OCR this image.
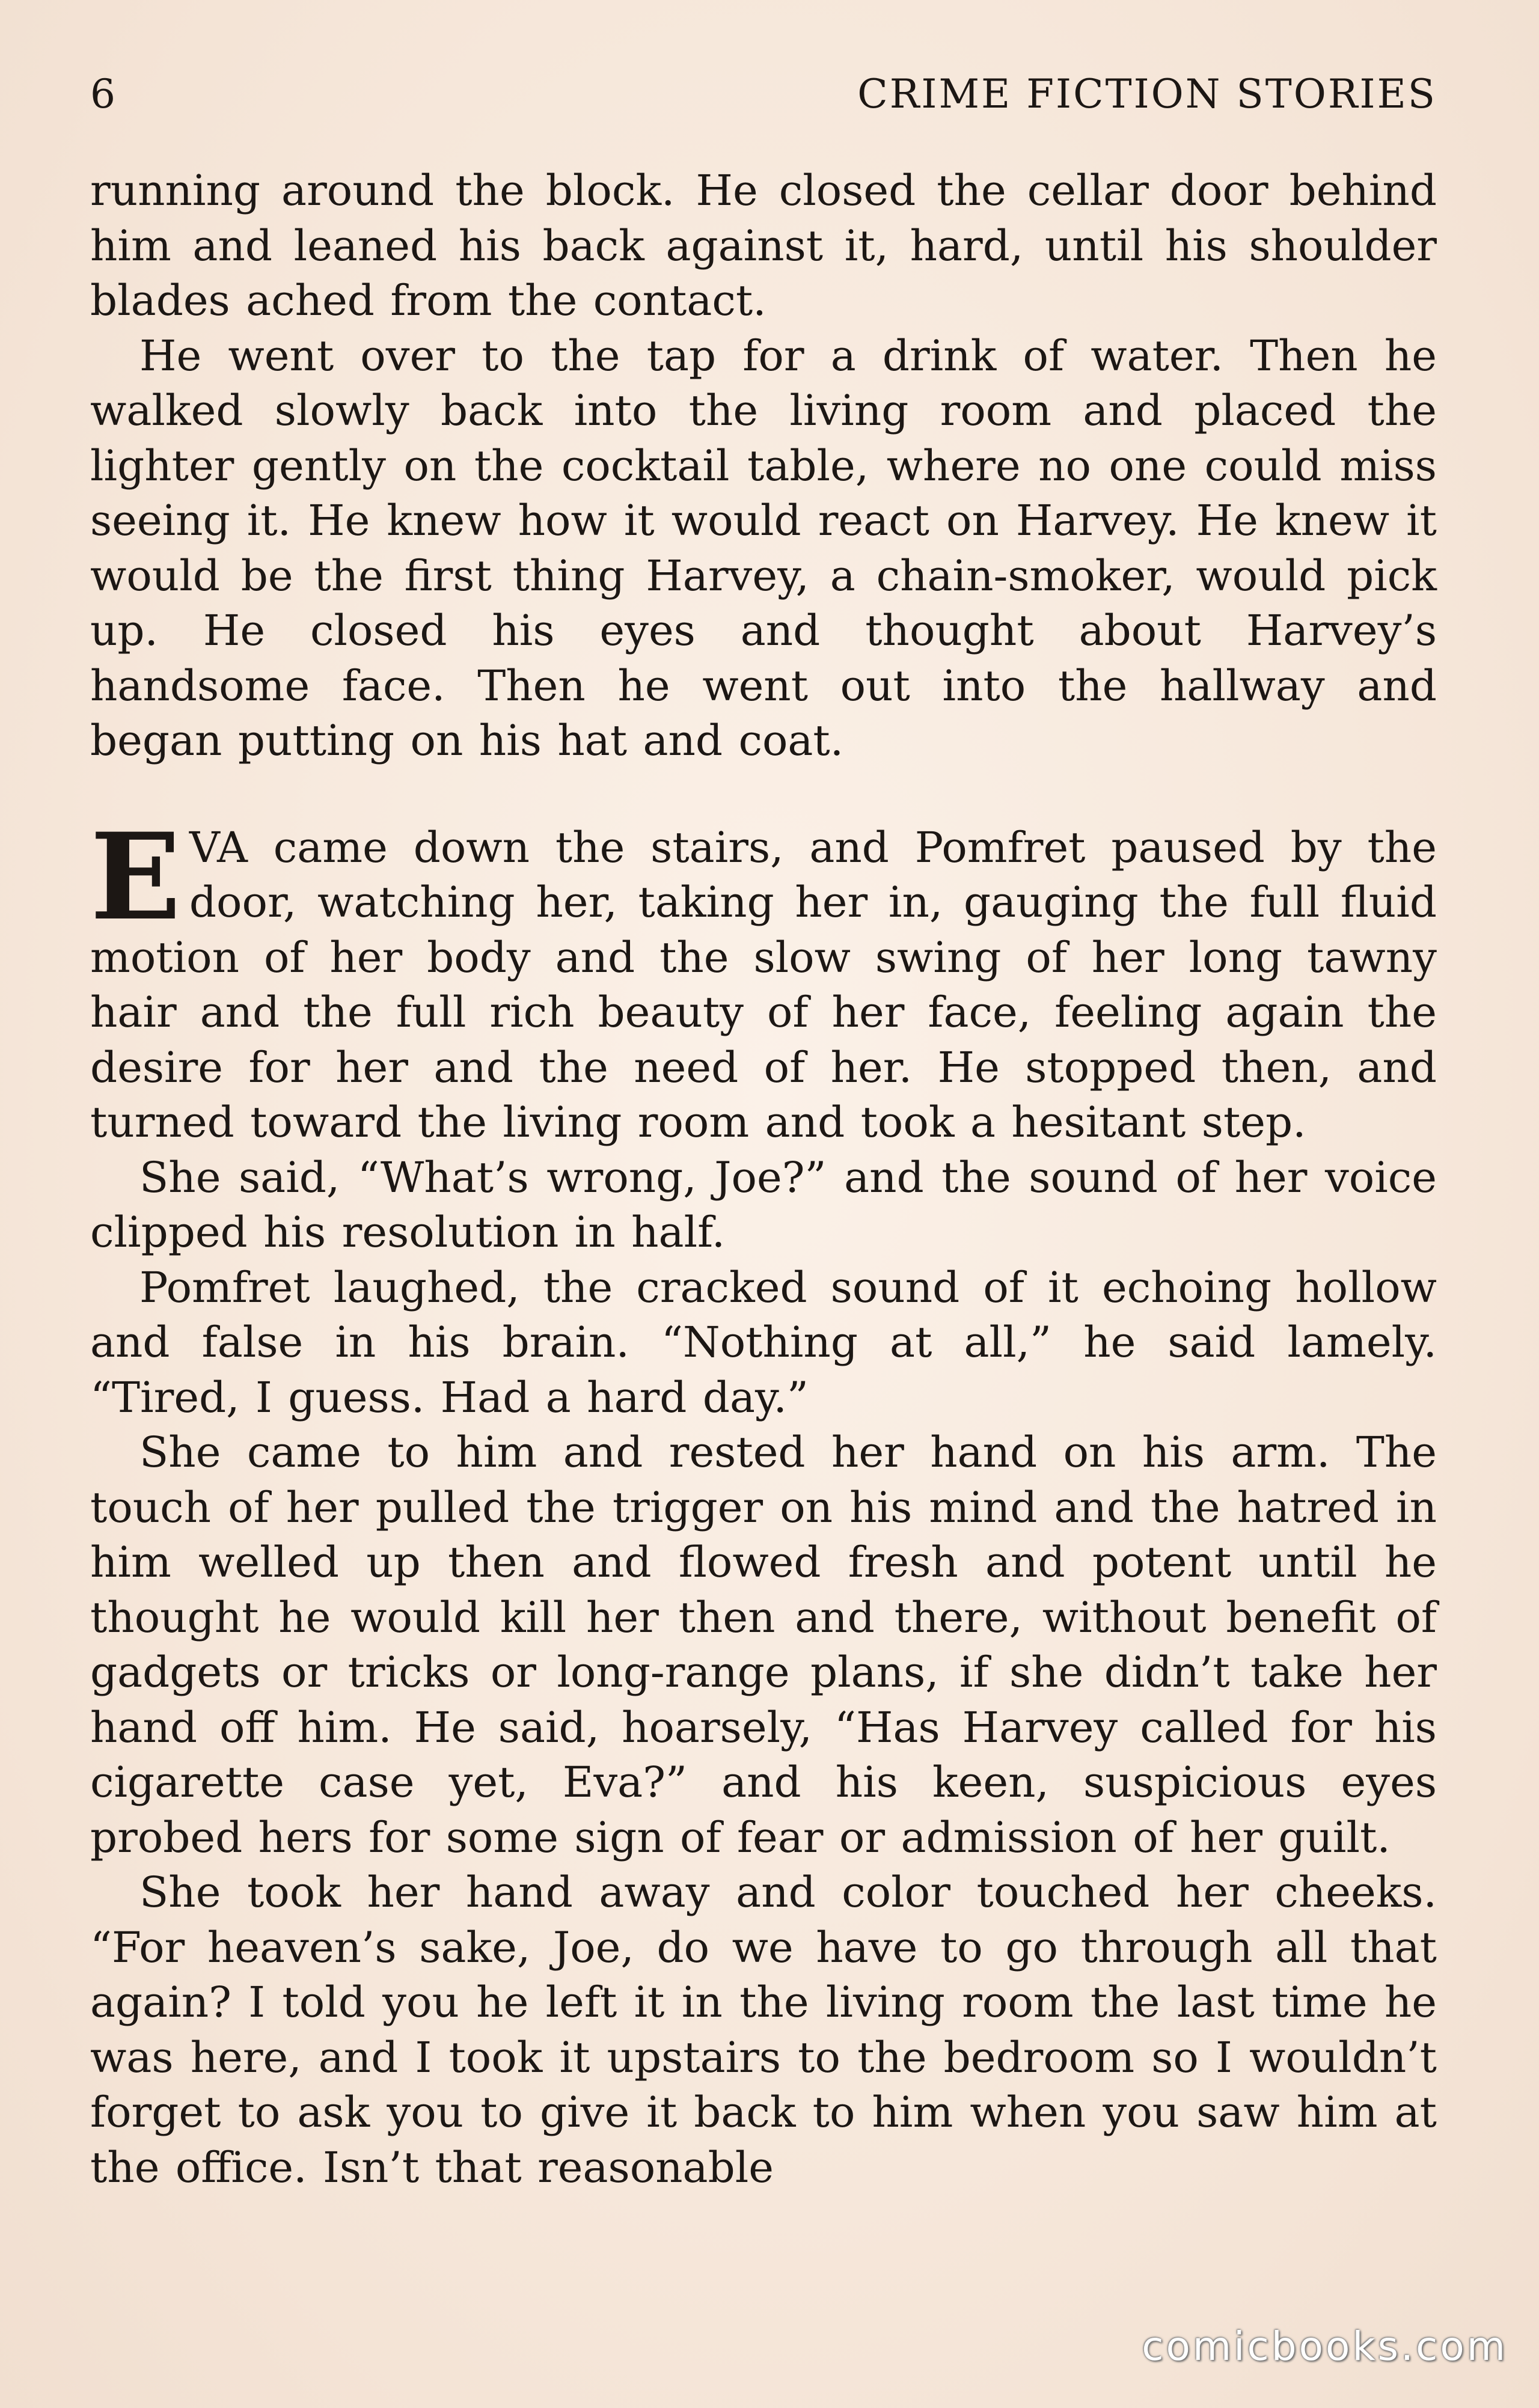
6	CRIME FICTION STORIES

running around the block. He closed the cellar door behind him and leaned his back against it, hard, until his shoulder blades ached from the contact.

He went over to the tap for a drink of water. Then he walked slowly back into the living room and placed the lighter gently on the cocktail table, where no one could miss seeing it. He knew how it would react on Harvey. He knew it would be the first thing Harvey, a chain-smoker, would pick up. He closed his eyes and thought about Harvey’s handsome face. Then he went out into the hallway and began putting on his hat and coat.

EVA came down the stairs, and Pomfret paused by the door, watching her, taking her in, gauging the full fluid motion of her body and the slow swing of her long tawny hair and the full rich beauty of her face, feeling again the desire for her and the need of her. He stopped then, and turned toward the living room and took a hesitant step.

She said, “What’s wrong, Joe?” and the sound of her voice clipped his resolution in half.

Pomfret laughed, the cracked sound of it echoing hollow and false in his brain. “Nothing at all,” he said lamely. “Tired, I guess. Had a hard day.”

She came to him and rested her hand on his arm. The touch of her pulled the trigger on his mind and the hatred in him welled up then and flowed fresh and potent until he thought he would kill her then and there, without benefit of gadgets or tricks or long-range plans, if she didn’t take her hand off him. He said, hoarsely, “Has Harvey called for his cigarette case yet, Eva?” and his keen, suspicious eyes probed hers for some sign of fear or admission of her guilt.

She took her hand away and color touched her cheeks. “For heaven’s sake, Joe, do we have to go through all that again? I told you he left it in the living room the last time he was here, and I took it upstairs to the bedroom so I wouldn’t forget to ask you to give it back to him when you saw him at the office. Isn’t that reasonable

comicbooks.com
